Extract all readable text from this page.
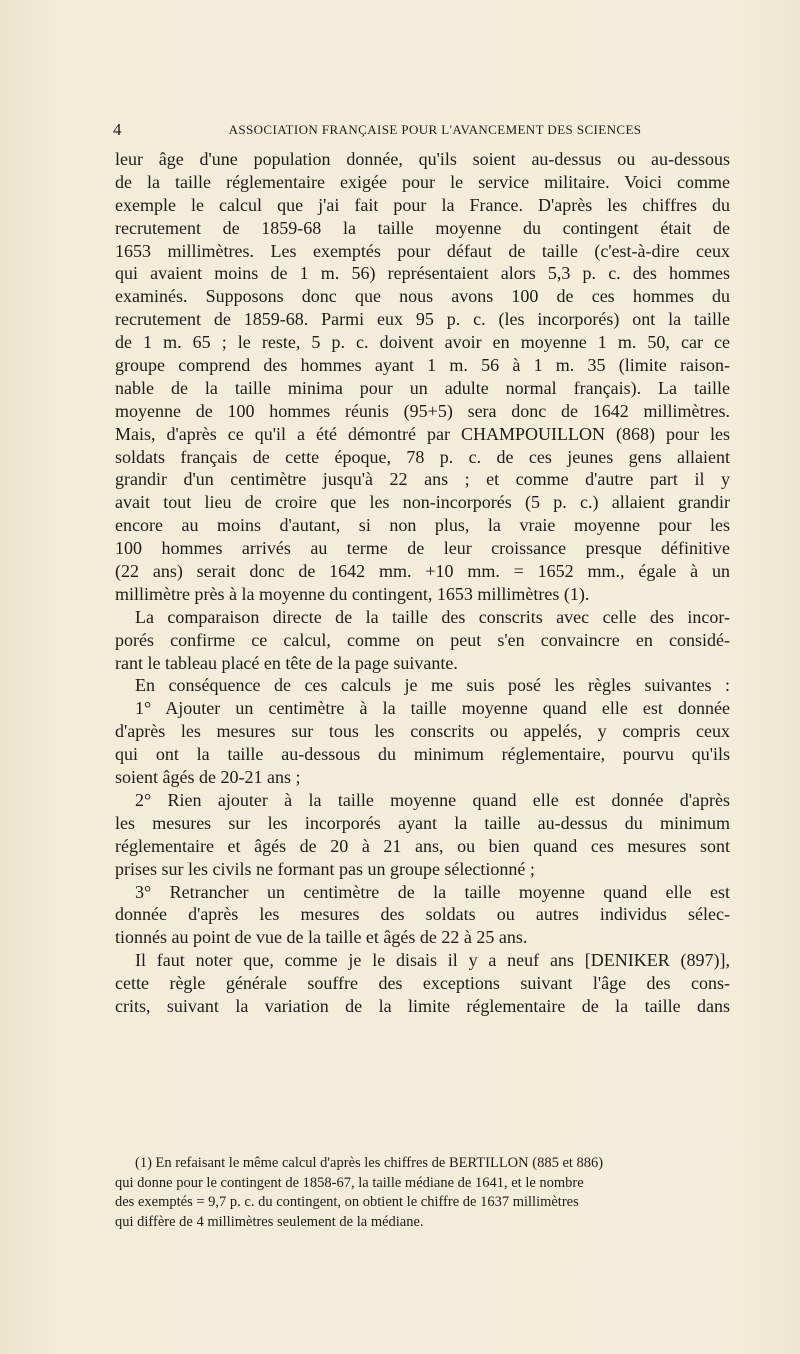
4	ASSOCIATION FRANÇAISE POUR L'AVANCEMENT DES SCIENCES
leur âge d'une population donnée, qu'ils soient au-dessus ou au-dessous
de la taille réglementaire exigée pour le service militaire. Voici comme
exemple le calcul que j'ai fait pour la France. D'après les chiffres du
recrutement de 1859-68 la taille moyenne du contingent était de
1653 millimètres. Les exemptés pour défaut de taille (c'est-à-dire ceux
qui avaient moins de 1 m. 56) représentaient alors 5,3 p. c. des hommes
examinés. Supposons donc que nous avons 100 de ces hommes du
recrutement de 1859-68. Parmi eux 95 p. c. (les incorporés) ont la taille
de 1 m. 65 ; le reste, 5 p. c. doivent avoir en moyenne 1 m. 50, car ce
groupe comprend des hommes ayant 1 m. 56 à 1 m. 35 (limite raison-
nable de la taille minima pour un adulte normal français). La taille
moyenne de 100 hommes réunis (95+5) sera donc de 1642 millimètres.
Mais, d'après ce qu'il a été démontré par CHAMPOUILLON (868) pour les
soldats français de cette époque, 78 p. c. de ces jeunes gens allaient
grandir d'un centimètre jusqu'à 22 ans ; et comme d'autre part il y
avait tout lieu de croire que les non-incorporés (5 p. c.) allaient grandir
encore au moins d'autant, si non plus, la vraie moyenne pour les
100 hommes arrivés au terme de leur croissance presque définitive
(22 ans) serait donc de 1642 mm. +10 mm. = 1652 mm., égale à un
millimètre près à la moyenne du contingent, 1653 millimètres (1).
La comparaison directe de la taille des conscrits avec celle des incor-
porés confirme ce calcul, comme on peut s'en convaincre en considé-
rant le tableau placé en tête de la page suivante.
En conséquence de ces calculs je me suis posé les règles suivantes :
1° Ajouter un centimètre à la taille moyenne quand elle est donnée
d'après les mesures sur tous les conscrits ou appelés, y compris ceux
qui ont la taille au-dessous du minimum réglementaire, pourvu qu'ils
soient âgés de 20-21 ans ;
2° Rien ajouter à la taille moyenne quand elle est donnée d'après
les mesures sur les incorporés ayant la taille au-dessus du minimum
réglementaire et âgés de 20 à 21 ans, ou bien quand ces mesures sont
prises sur les civils ne formant pas un groupe sélectionné ;
3° Retrancher un centimètre de la taille moyenne quand elle est
donnée d'après les mesures des soldats ou autres individus sélec-
tionnés au point de vue de la taille et âgés de 22 à 25 ans.
Il faut noter que, comme je le disais il y a neuf ans [DENIKER (897)],
cette règle générale souffre des exceptions suivant l'âge des cons-
crits, suivant la variation de la limite réglementaire de la taille dans
(1) En refaisant le même calcul d'après les chiffres de BERTILLON (885 et 886)
qui donne pour le contingent de 1858-67, la taille médiane de 1641, et le nombre
des exemptés = 9,7 p. c. du contingent, on obtient le chiffre de 1637 millimètres
qui diffère de 4 millimètres seulement de la médiane.
